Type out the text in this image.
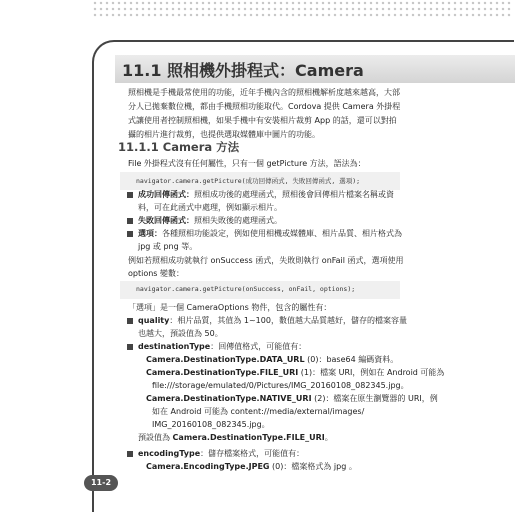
11.1 照相機外掛程式：Camera
照相機是手機最常使用的功能，近年手機內含的照相機解析度越來越高，大部分人已拋棄數位機，都由手機照相功能取代。Cordova 提供 Camera 外掛程式讓使用者控制照相機，如果手機中有安裝相片裁剪 App 的話，還可以對拍攝的相片進行裁剪，也提供選取媒體庫中圖片的功能。
11.1.1 Camera 方法
File 外掛程式沒有任何屬性，只有一個 getPicture 方法，語法為：
navigator.camera.getPicture(成功回傳函式, 失敗回傳函式, 選項);
成功回傳函式：照相成功後的處理函式，照相後會回傳相片檔案名稱或資料，可在此函式中處理，例如顯示相片。
失敗回傳函式：照相失敗後的處理函式。
選項：各種照相功能設定，例如使用相機或媒體庫、相片品質、相片格式為 jpg 或 png 等。
例如若照相成功就執行 onSuccess 函式，失敗則執行 onFail 函式，選項使用 options 變數：
navigator.camera.getPicture(onSuccess, onFail, options);
「選項」是一個 CameraOptions 物件，包含的屬性有：
quality：相片品質，其值為 1~100，數值越大品質越好，儲存的檔案容量也越大，預設值為 50。
destinationType：回傳值格式，可能值有：
Camera.DestinationType.DATA_URL (0)：base64 編碼資料。
Camera.DestinationType.FILE_URI (1)：檔案 URI，例如在 Android 可能為
file:///storage/emulated/0/Pictures/IMG_20160108_082345.jpg。
Camera.DestinationType.NATIVE_URI (2)：檔案在原生瀏覽器的 URI，例
如在 Android 可能為 content://media/external/images/
IMG_20160108_082345.jpg。
預設值為 Camera.DestinationType.FILE_URI。
encodingType：儲存檔案格式，可能值有：
Camera.EncodingType.JPEG (0)：檔案格式為 jpg 。
11-2
